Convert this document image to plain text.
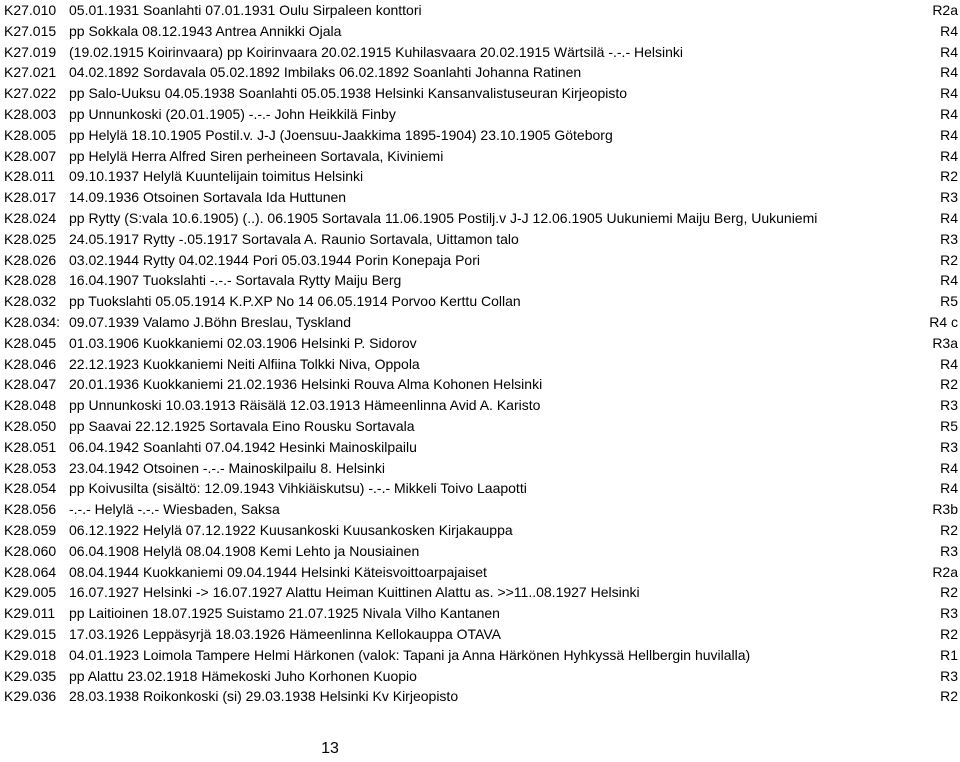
K27.010 05.01.1931 Soanlahti 07.01.1931 Oulu Sirpaleen konttori	R2a
K27.015 pp Sokkala 08.12.1943 Antrea Annikki Ojala	R4
K27.019 (19.02.1915 Koirinvaara) pp Koirinvaara 20.02.1915 Kuhilasvaara 20.02.1915 Wärtsilä -.-.- Helsinki	R4
K27.021 04.02.1892 Sordavala 05.02.1892 Imbilaks 06.02.1892 Soanlahti Johanna Ratinen	R4
K27.022 pp Salo-Uuksu 04.05.1938 Soanlahti 05.05.1938 Helsinki Kansanvalistuseuran Kirjeopisto	R4
K28.003 pp Unnunkoski (20.01.1905) -.-.- John Heikkilä Finby	R4
K28.005 pp Helylä 18.10.1905 Postil.v. J-J (Joensuu-Jaakkima 1895-1904) 23.10.1905 Göteborg	R4
K28.007 pp Helylä Herra Alfred Siren perheineen Sortavala, Kiviniemi	R4
K28.011 09.10.1937 Helylä Kuuntelijain toimitus Helsinki	R2
K28.017 14.09.1936 Otsoinen Sortavala Ida Huttunen	R3
K28.024 pp Rytty (S:vala 10.6.1905) (..). 06.1905 Sortavala 11.06.1905 Postilj.v J-J 12.06.1905 Uukuniemi Maiju Berg, Uukuniemi	R4
K28.025 24.05.1917 Rytty -.05.1917 Sortavala A. Raunio Sortavala, Uittamon talo	R3
K28.026 03.02.1944 Rytty 04.02.1944 Pori 05.03.1944 Porin Konepaja Pori	R2
K28.028 16.04.1907 Tuokslahti -.-.- Sortavala Rytty Maiju Berg	R4
K28.032 pp Tuokslahti 05.05.1914 K.P.XP No 14 06.05.1914 Porvoo Kerttu Collan	R5
K28.034: 09.07.1939 Valamo J.Böhn Breslau, Tyskland	R4 c
K28.045 01.03.1906 Kuokkaniemi 02.03.1906 Helsinki P. Sidorov	R3a
K28.046 22.12.1923 Kuokkaniemi Neiti Alfiina Tolkki Niva, Oppola	R4
K28.047 20.01.1936 Kuokkaniemi 21.02.1936 Helsinki Rouva Alma Kohonen Helsinki	R2
K28.048 pp Unnunkoski 10.03.1913 Räisälä 12.03.1913 Hämeenlinna Avid A. Karisto	R3
K28.050 pp Saavai 22.12.1925 Sortavala Eino Rousku Sortavala	R5
K28.051 06.04.1942 Soanlahti 07.04.1942 Hesinki Mainoskilpailu	R3
K28.053 23.04.1942 Otsoinen -.-.- Mainoskilpailu 8. Helsinki	R4
K28.054 pp Koivusilta (sisältö: 12.09.1943 Vihkiäiskutsu) -.-.- Mikkeli Toivo Laapotti	R4
K28.056 -.-.- Helylä -.-.- Wiesbaden, Saksa	R3b
K28.059 06.12.1922 Helylä 07.12.1922 Kuusankoski Kuusankosken Kirjakauppa	R2
K28.060 06.04.1908 Helylä 08.04.1908 Kemi Lehto ja Nousiainen	R3
K28.064 08.04.1944 Kuokkaniemi 09.04.1944 Helsinki Käteisvoittoarpajaiset	R2a
K29.005 16.07.1927 Helsinki -> 16.07.1927 Alattu Heiman Kuittinen Alattu as. >>11..08.1927 Helsinki	R2
K29.011 pp Laitioinen 18.07.1925 Suistamo 21.07.1925 Nivala Vilho Kantanen	R3
K29.015 17.03.1926 Leppäsyrjä 18.03.1926 Hämeenlinna Kellokauppa OTAVA	R2
K29.018 04.01.1923 Loimola Tampere Helmi Härkonen (valok: Tapani ja Anna Härkönen Hyhkyssä Hellbergin huvilalla)	R1
K29.035 pp Alattu 23.02.1918 Hämekoski Juho Korhonen Kuopio	R3
K29.036 28.03.1938 Roikonkoski (si) 29.03.1938 Helsinki Kv Kirjeopisto	R2
13
